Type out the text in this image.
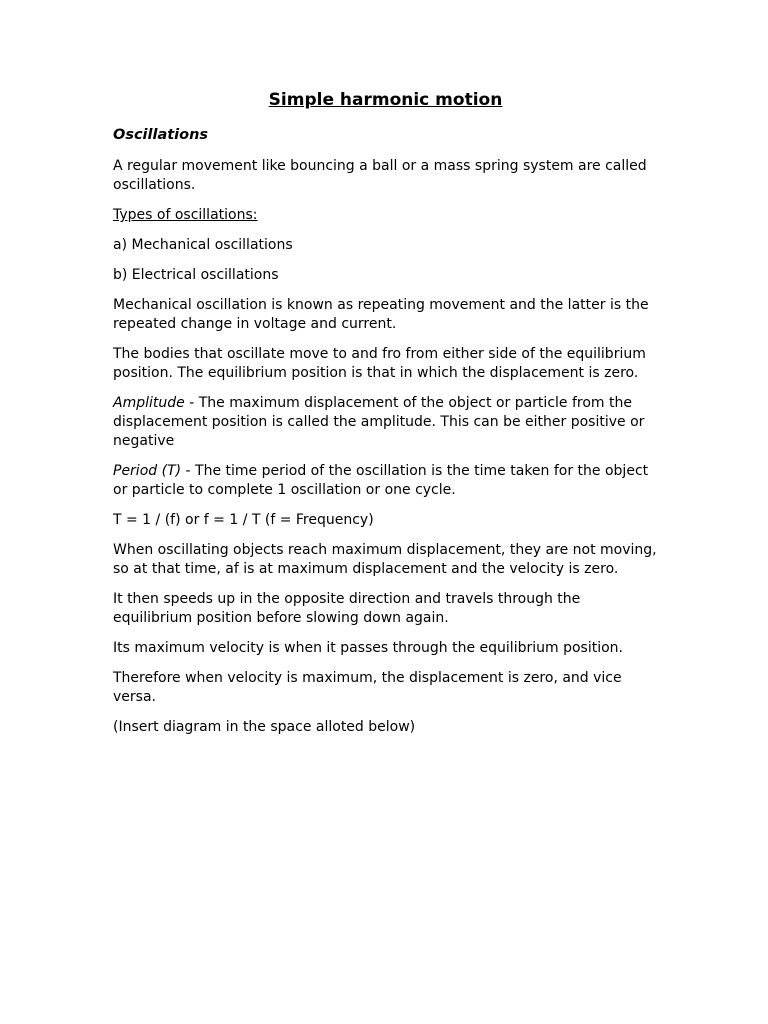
Simple harmonic motion
Oscillations

A regular movement like bouncing a ball or a mass spring system are called oscillations.

Types of oscillations:

a) Mechanical oscillations

b) Electrical oscillations

Mechanical oscillation is known as repeating movement and the latter is the repeated change in voltage and current.

The bodies that oscillate move to and fro from either side of the equilibrium position. The equilibrium position is that in which the displacement is zero.

Amplitude - The maximum displacement of the object or particle from the displacement position is called the amplitude. This can be either positive or negative

Period (T) - The time period of the oscillation is the time taken for the object or particle to complete 1 oscillation or one cycle.

T = 1 / (f) or f = 1 / T (f = Frequency)

When oscillating objects reach maximum displacement, they are not moving, so at that time, af is at maximum displacement and the velocity is zero.

It then speeds up in the opposite direction and travels through the equilibrium position before slowing down again.

Its maximum velocity is when it passes through the equilibrium position.

Therefore when velocity is maximum, the displacement is zero, and vice versa.

(Insert diagram in the space alloted below)
